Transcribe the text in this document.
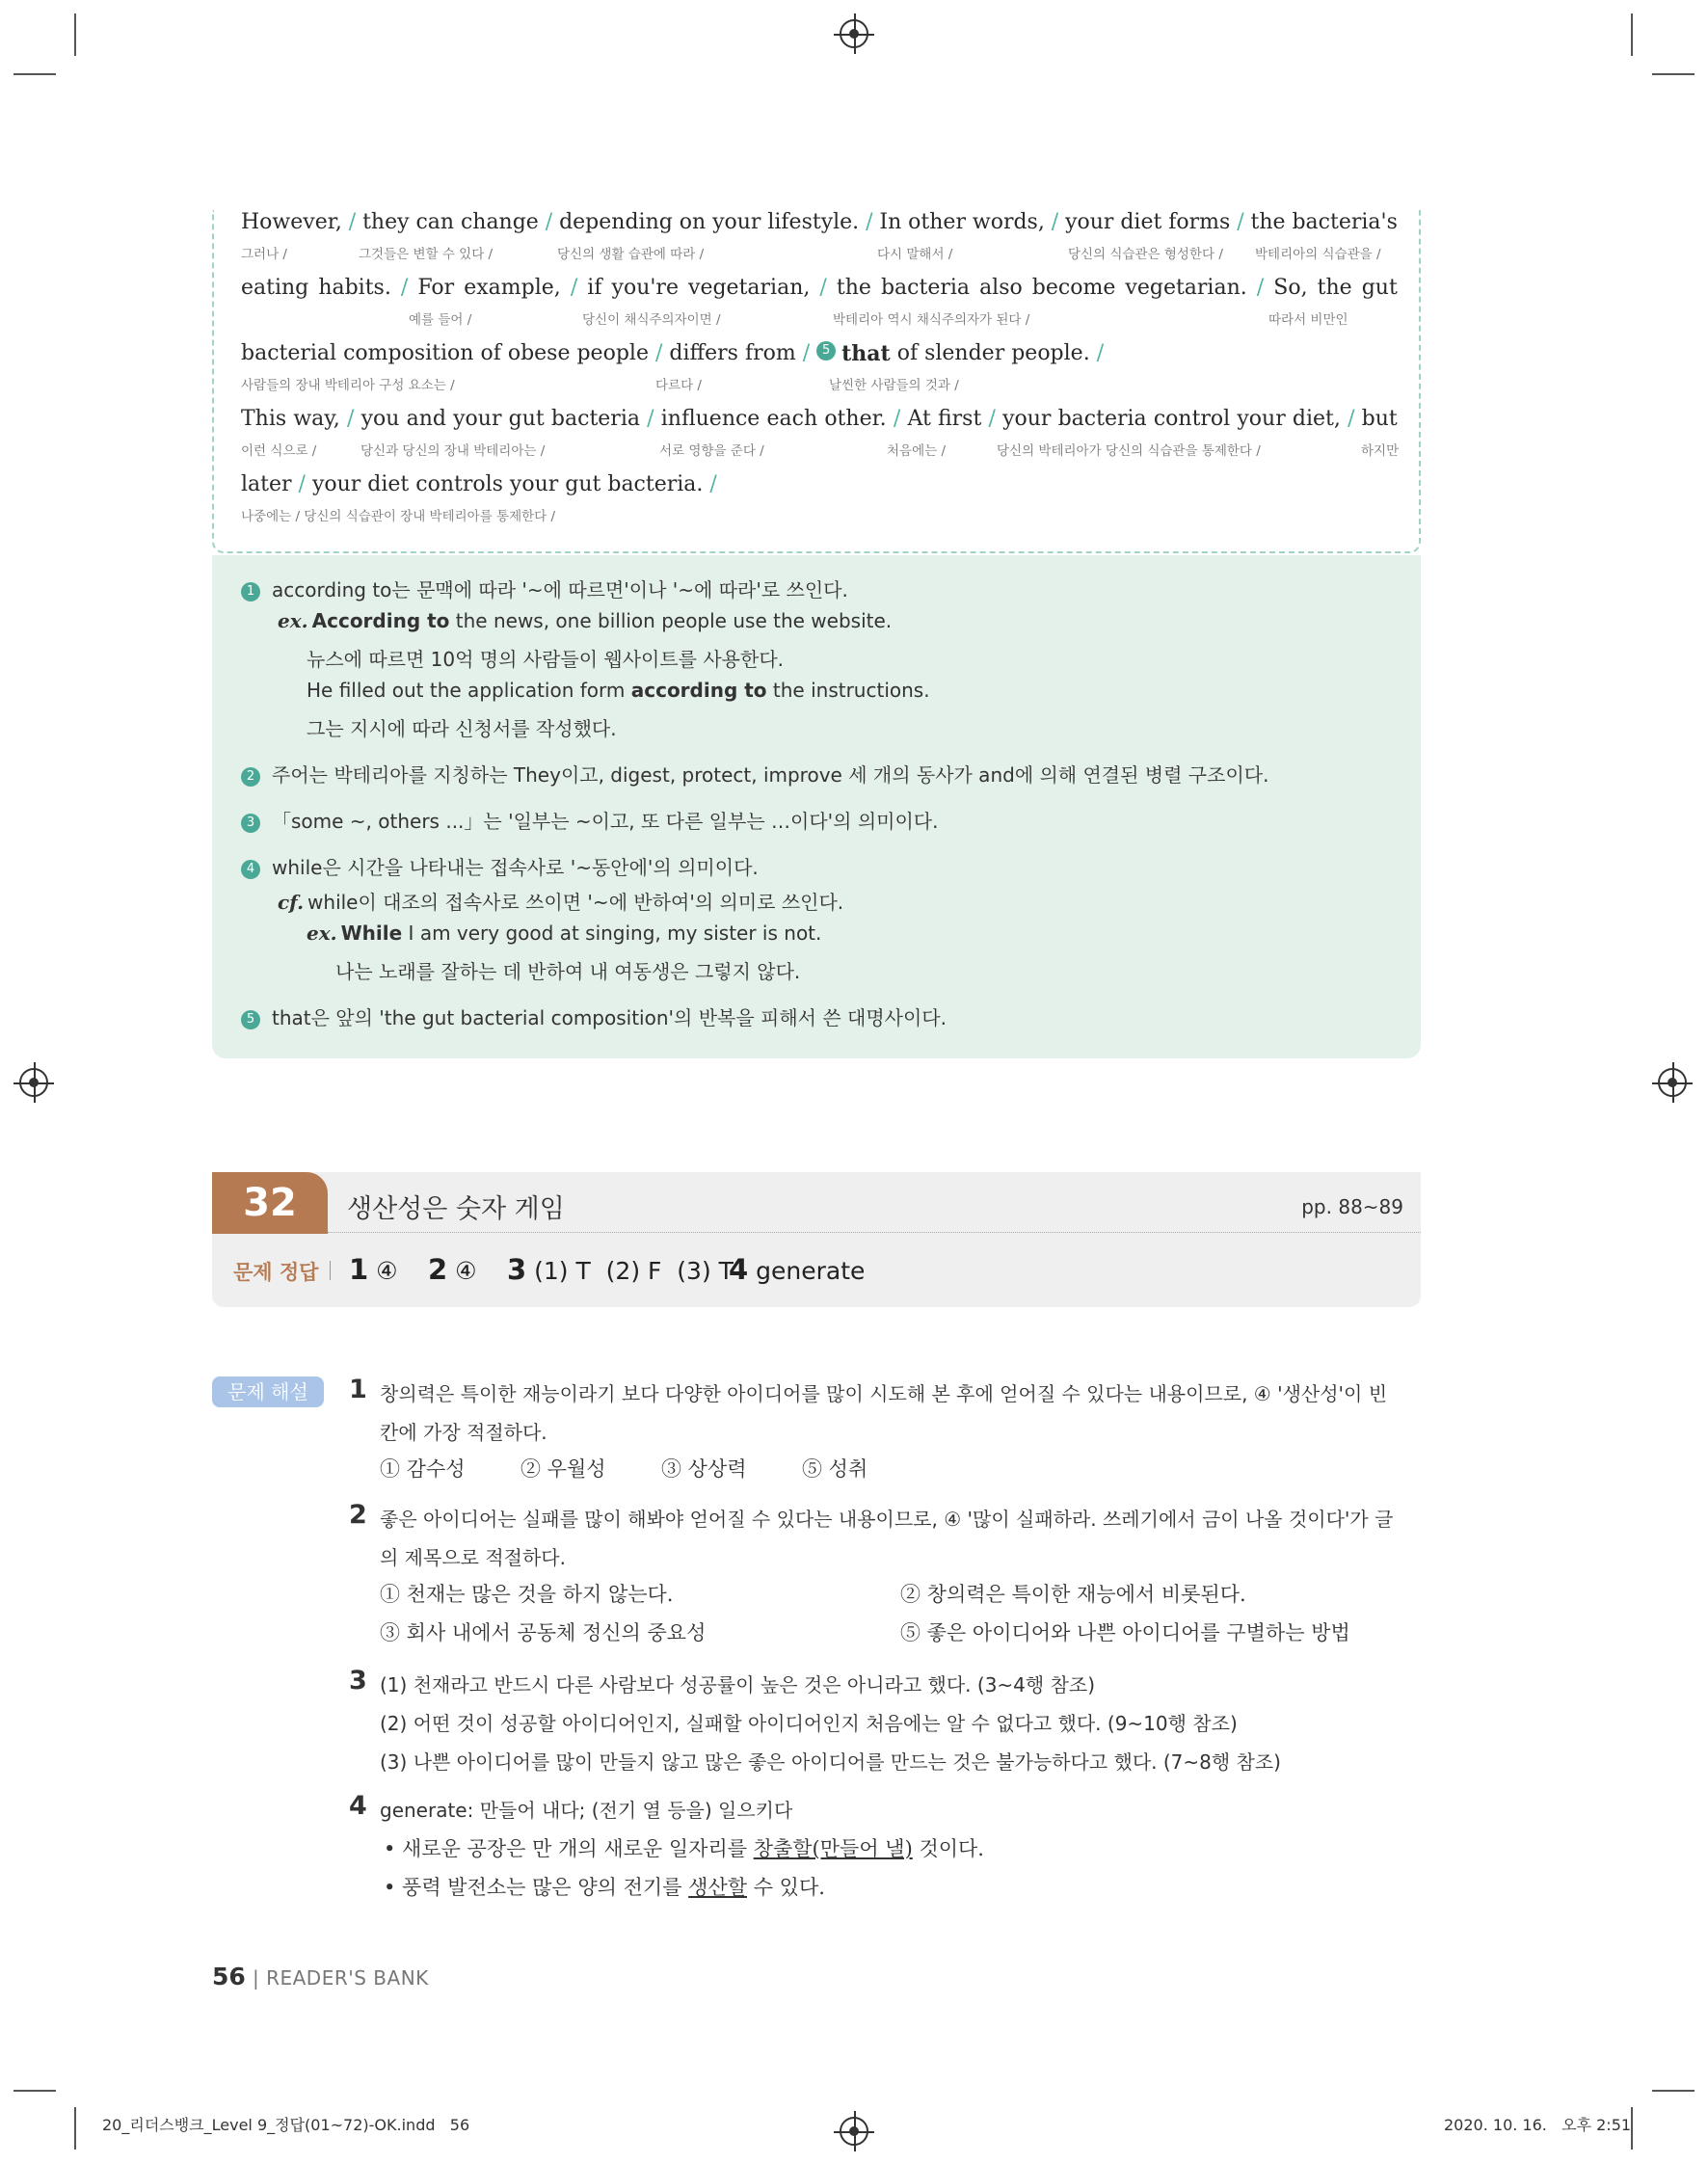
However, / they can change / depending on your lifestyle. / In other words, / your diet forms / the bacteria's
그러나 /	그것들은 변할 수 있다 /	당신의 생활 습관에 따라 /	다시 말해서 /	당신의 식습관은 형성한다 / 박테리아의 식습관을 /
eating habits. / For example, / if you're vegetarian, / the bacteria also become vegetarian. / So, the gut
예를 들어 /	당신이 채식주의자이면 /	박테리아 역시 채식주의자가 된다 /	따라서 비만인
bacterial composition of obese people / differs from / 5 that
of slender people. /
사람들의 장내 박테리아 구성 요소는 /	다르다 /	날씬한 사람들의 것과 /
This way, / you and your gut bacteria / influence each other. / At first / your bacteria control your diet, / but
이런 식으로 /	당신과 당신의 장내 박테리아는 /	서로 영향을 준다 /	처음에는 /	당신의 박테리아가 당신의 식습관을 통제한다 /	하지만
later / your diet controls your gut bacteria. /
나중에는 / 당신의 식습관이 장내 박테리아를 통제한다 /
1 according to는 문맥에 따라 '~에 따르면'이나 '~에 따라'로 쓰인다.
ex. According to the news, one billion people use the website.
뉴스에 따르면 10억 명의 사람들이 웹사이트를 사용한다.
He filled out the application form according to the instructions.
그는 지시에 따라 신청서를 작성했다.
2 주어는 박테리아를 지칭하는 They이고, digest, protect, improve 세 개의 동사가 and에 의해 연결된 병렬 구조이다.
3 「some ~, others ...」는 '일부는 ~이고, 또 다른 일부는 …이다'의 의미이다.
4 while은 시간을 나타내는 접속사로 '~동안에'의 의미이다.
cf. while이 대조의 접속사로 쓰이면 '~에 반하여'의 의미로 쓰인다.
ex. While I am very good at singing, my sister is not.
나는 노래를 잘하는 데 반하여 내 여동생은 그렇지 않다.
5 that은 앞의 'the gut bacterial composition'의 반복을 피해서 쓴 대명사이다.
32	생산성은 숫자 게임	pp. 88~89
문제 정답 1 ④ 2 ④ 3 (1) T  (2) F  (3) T
4 generate
문제 해설	1 창의력은 특이한 재능이라기 보다 다양한 아이디어를 많이 시도해 본 후에 얻어질 수 있다는 내용이므로, ④ '생산성'이 빈
칸에 가장 적절하다.
① 감수성	② 우월성	③ 상상력	⑤ 성취
2 좋은 아이디어는 실패를 많이 해봐야 얻어질 수 있다는 내용이므로, ④ '많이 실패하라. 쓰레기에서 금이 나올 것이다'가 글
의 제목으로 적절하다.
① 천재는 많은 것을 하지 않는다.	② 창의력은 특이한 재능에서 비롯된다.
③ 회사 내에서 공동체 정신의 중요성	⑤ 좋은 아이디어와 나쁜 아이디어를 구별하는 방법
3 (1) 천재라고 반드시 다른 사람보다 성공률이 높은 것은 아니라고 했다. (3~4행 참조)
(2) 어떤 것이 성공할 아이디어인지, 실패할 아이디어인지 처음에는 알 수 없다고 했다. (9~10행 참조)
(3) 나쁜 아이디어를 많이 만들지 않고 많은 좋은 아이디어를 만드는 것은 불가능하다고 했다. (7~8행 참조)
4 generate: 만들어 내다; (전기 열 등을) 일으키다
• 새로운 공장은 만 개의 새로운 일자리를 창출할(만들어 낼) 것이다.
• 풍력 발전소는 많은 양의 전기를 생산할 수 있다.
56 | READER'S BANK
20_리더스뱅크_Level 9_정답(01~72)-OK.indd   56	2020. 10. 16.   오후 2:51
